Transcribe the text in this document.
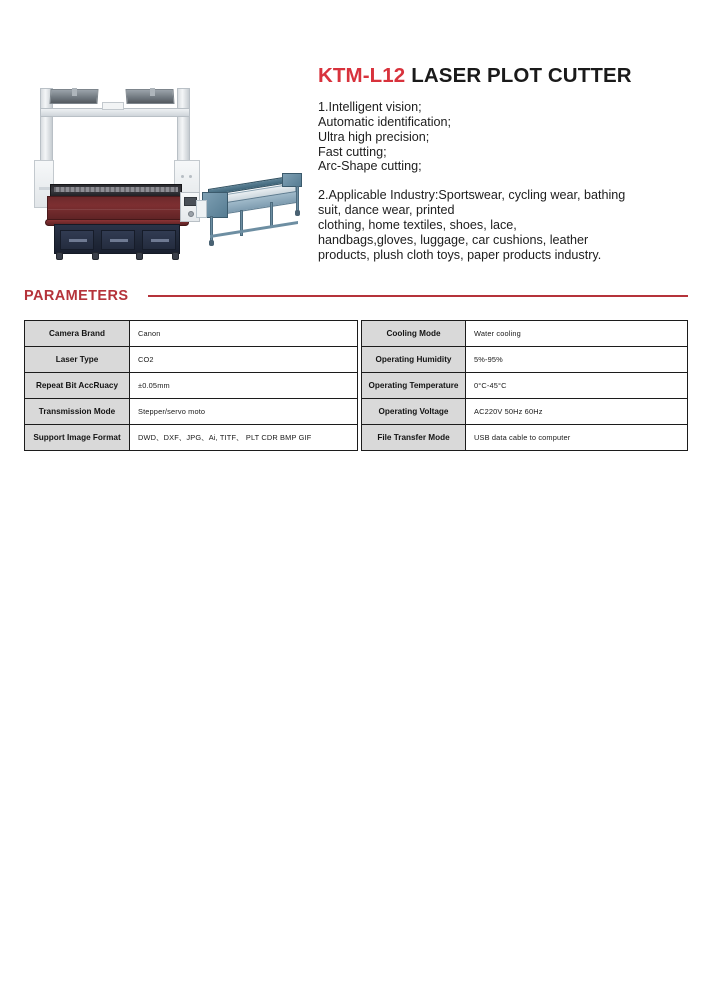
KTM-L12 LASER PLOT CUTTER

1.Intelligent vision;
Automatic identification;
Ultra high precision;
Fast cutting;
Arc-Shape cutting;

2.Applicable Industry:Sportswear, cycling wear, bathing
suit, dance wear, printed
clothing, home textiles, shoes, lace,
handbags,gloves, luggage, car cushions, leather
products, plush cloth toys, paper products industry.

PARAMETERS
Camera Brand	Canon
Laser Type	CO2
Repeat Bit AccRuacy	±0.05mm
Transmission Mode	Stepper/servo moto
Support Image Format	DWD、DXF、JPG、Ai, TITF、 PLT CDR BMP GIF
Cooling Mode	Water cooling
Operating Humidity	5%-95%
Operating Temperature	0°C-45°C
Operating Voltage	AC220V 50Hz 60Hz
File Transfer Mode	USB data cable to computer
